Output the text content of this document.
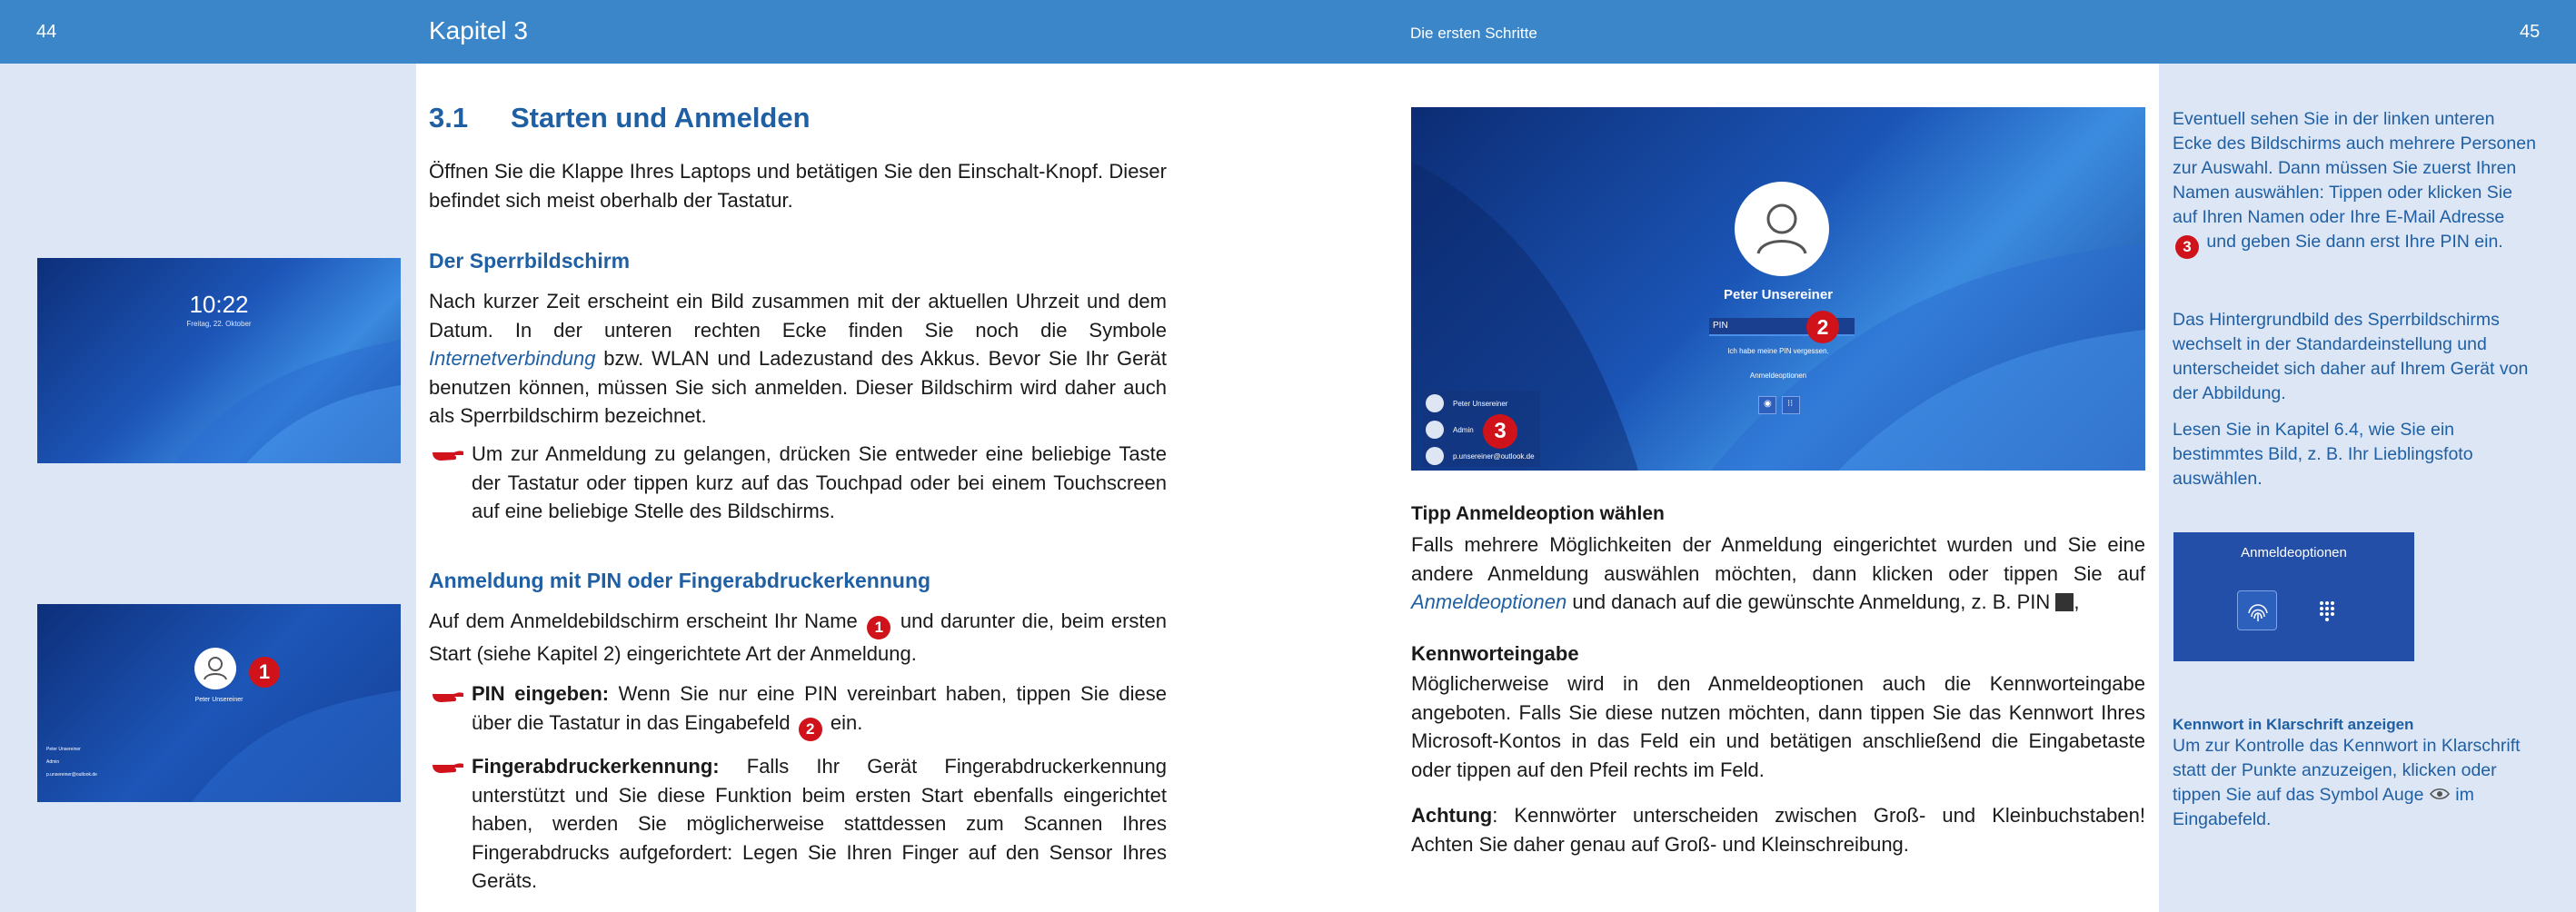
44	Kapitel 3	Die ersten Schritte	45
10:22
Freitag, 22. Oktober
1
Peter Unsereiner
Peter Unsereiner
Admin
p.unsereiner@outlook.de
3.1 Starten und Anmelden
Öffnen Sie die Klappe Ihres Laptops und betätigen Sie den Einschalt-Knopf. Dieser befindet sich meist oberhalb der Tastatur.
Der Sperrbildschirm
Nach kurzer Zeit erscheint ein Bild zusammen mit der aktuellen Uhrzeit und dem Datum. In der unteren rechten Ecke finden Sie noch die Symbole Internetverbindung bzw. WLAN und Ladezustand des Akkus. Bevor Sie Ihr Gerät benutzen können, müssen Sie sich anmelden. Dieser Bildschirm wird daher auch als Sperrbildschirm bezeichnet.
Um zur Anmeldung zu gelangen, drücken Sie entweder eine beliebige Taste der Tastatur oder tippen kurz auf das Touchpad oder bei einem Touchscreen auf eine beliebige Stelle des Bildschirms.
Anmeldung mit PIN oder Fingerabdruckerkennung
Auf dem Anmeldebildschirm erscheint Ihr Name 1 und darunter die, beim ersten Start (siehe Kapitel 2) eingerichtete Art der Anmeldung.
PIN eingeben: Wenn Sie nur eine PIN vereinbart haben, tippen Sie diese über die Tastatur in das Eingabefeld 2 ein.
Fingerabdruckerkennung: Falls Ihr Gerät Fingerabdruckerkennung unterstützt und Sie diese Funktion beim ersten Start ebenfalls eingerichtet haben, werden Sie möglicherweise stattdessen zum Scannen Ihres Fingerabdrucks aufgefordert: Legen Sie Ihren Finger auf den Sensor Ihres Geräts.
Peter Unsereiner
PIN	2
Ich habe meine PIN vergessen.
Anmeldeoptionen
◉ ⁝⁝
Peter Unsereiner
Admin
p.unsereiner@outlook.de
3
Tipp Anmeldeoption wählen
Falls mehrere Möglichkeiten der Anmeldung eingerichtet wurden und Sie eine andere Anmeldung auswählen möchten, dann klicken oder tippen Sie auf Anmeldeoptionen und danach auf die gewünschte Anmeldung, z. B. PIN ,
Kennworteingabe
Möglicherweise wird in den Anmeldeoptionen auch die Kennworteingabe angeboten. Falls Sie diese nutzen möchten, dann tippen Sie das Kennwort Ihres Microsoft-Kontos in das Feld ein und betätigen anschließend die Eingabetaste oder tippen auf den Pfeil rechts im Feld.
Achtung: Kennwörter unterscheiden zwischen Groß- und Kleinbuchstaben! Achten Sie daher genau auf Groß- und Kleinschreibung.
Eventuell sehen Sie in der linken unteren Ecke des Bildschirms auch mehrere Personen zur Auswahl. Dann müssen Sie zuerst Ihren Namen auswählen: Tippen oder klicken Sie auf Ihren Namen oder Ihre E-Mail Adresse 3 und geben Sie dann erst Ihre PIN ein.
Das Hintergrundbild des Sperrbildschirms wechselt in der Standardeinstellung und unterscheidet sich daher auf Ihrem Gerät von der Abbildung.
Lesen Sie in Kapitel 6.4, wie Sie ein bestimmtes Bild, z. B. Ihr Lieblingsfoto auswählen.
Anmeldeoptionen
Kennwort in Klarschrift anzeigen
Um zur Kontrolle das Kennwort in Klarschrift statt der Punkte anzuzeigen, klicken oder tippen Sie auf das Symbol Auge  im Eingabefeld.
